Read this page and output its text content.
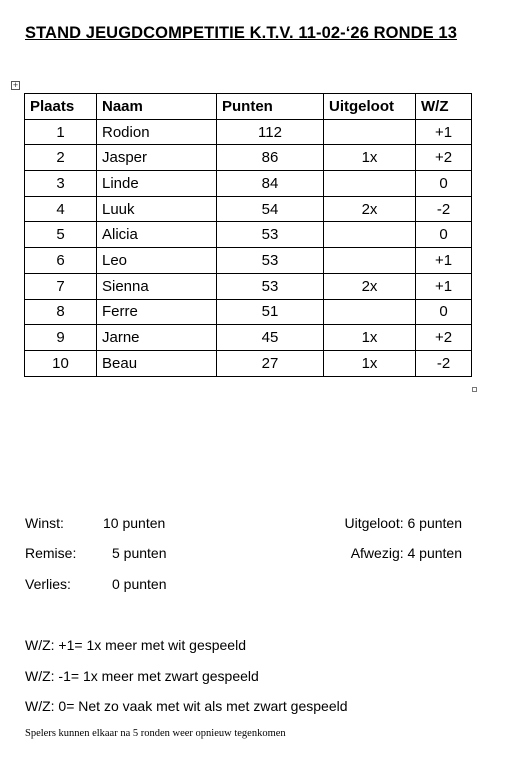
STAND JEUGDCOMPETITIE K.T.V. 11-02-‘26 RONDE 13
+
Plaats	Naam	Punten	Uitgeloot	W/Z
1	Rodion	112		+1
2	Jasper	86	1x	+2
3	Linde	84		0
4	Luuk	54	2x	-2
5	Alicia	53		0
6	Leo	53		+1
7	Sienna	53	2x	+1
8	Ferre	51		0
9	Jarne	45	1x	+2
10	Beau	27	1x	-2
Winst:	10 punten
Remise:	5 punten
Verlies:	0 punten
Uitgeloot: 6 punten
Afwezig: 4 punten
W/Z: +1= 1x meer met wit gespeeld
W/Z: -1= 1x meer met zwart gespeeld
W/Z: 0= Net zo vaak met wit als met zwart gespeeld
Spelers kunnen elkaar na 5 ronden weer opnieuw tegenkomen
